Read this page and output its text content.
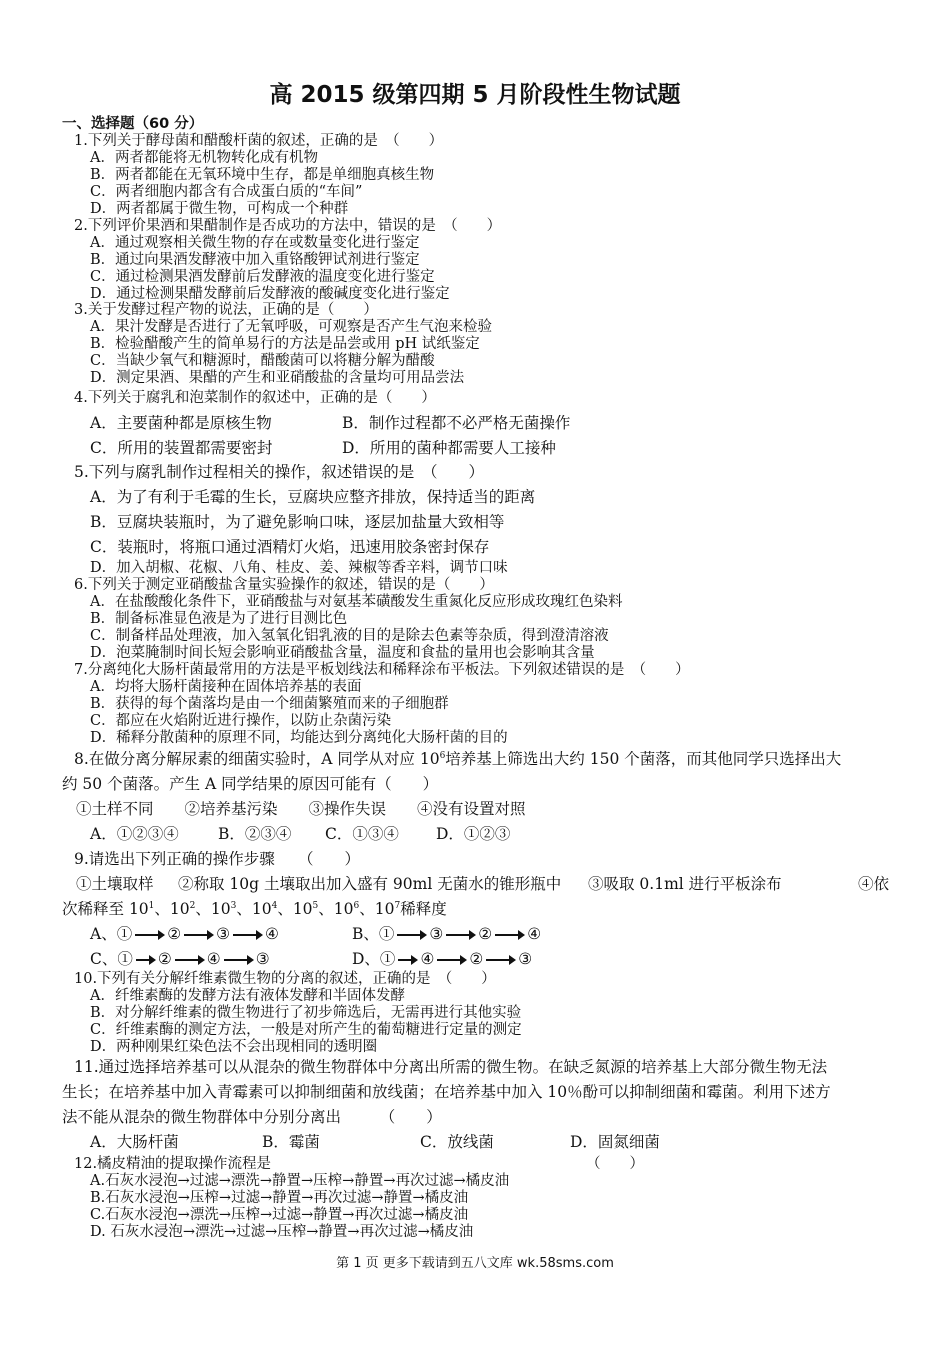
高 2015 级第四期 5 月阶段性生物试题
一、选择题（60 分）
1.下列关于酵母菌和醋酸杆菌的叙述，正确的是　（　　）
A．两者都能将无机物转化成有机物
B．两者都能在无氧环境中生存，都是单细胞真核生物
C．两者细胞内都含有合成蛋白质的“车间”
D．两者都属于微生物，可构成一个种群
2.下列评价果酒和果醋制作是否成功的方法中，错误的是　（　　）
A．通过观察相关微生物的存在或数量变化进行鉴定
B．通过向果酒发酵液中加入重铬酸钾试剂进行鉴定
C．通过检测果酒发酵前后发酵液的温度变化进行鉴定
D．通过检测果醋发酵前后发酵液的酸碱度变化进行鉴定
3.关于发酵过程产物的说法，正确的是（　　）
A．果汁发酵是否进行了无氧呼吸，可观察是否产生气泡来检验
B．检验醋酸产生的简单易行的方法是品尝或用 pH 试纸鉴定
C．当缺少氧气和糖源时，醋酸菌可以将糖分解为醋酸
D．测定果酒、果醋的产生和亚硝酸盐的含量均可用品尝法
4.下列关于腐乳和泡菜制作的叙述中，正确的是（　　）
A．主要菌种都是原核生物	B．制作过程都不必严格无菌操作
C．所用的装置都需要密封	D．所用的菌种都需要人工接种
5.下列与腐乳制作过程相关的操作，叙述错误的是　（　　）
A．为了有利于毛霉的生长，豆腐块应整齐排放，保持适当的距离
B．豆腐块装瓶时，为了避免影响口味，逐层加盐量大致相等
C．装瓶时，将瓶口通过酒精灯火焰，迅速用胶条密封保存
D．加入胡椒、花椒、八角、桂皮、姜、辣椒等香辛料，调节口味
6.下列关于测定亚硝酸盐含量实验操作的叙述，错误的是（　　）
A．在盐酸酸化条件下，亚硝酸盐与对氨基苯磺酸发生重氮化反应形成玫瑰红色染料
B．制备标准显色液是为了进行目测比色
C．制备样品处理液，加入氢氧化铝乳液的目的是除去色素等杂质，得到澄清溶液
D．泡菜腌制时间长短会影响亚硝酸盐含量，温度和食盐的量用也会影响其含量
7.分离纯化大肠杆菌最常用的方法是平板划线法和稀释涂布平板法。下列叙述错误的是　（　　）
A．均将大肠杆菌接种在固体培养基的表面
B．获得的每个菌落均是由一个细菌繁殖而来的子细胞群
C．都应在火焰附近进行操作，以防止杂菌污染
D．稀释分散菌种的原理不同，均能达到分离纯化大肠杆菌的目的
8.在做分离分解尿素的细菌实验时，A 同学从对应 $10^6$培养基上筛选出大约 150 个菌落，而其他同学只选择出大
约 50 个菌落。产生 A 同学结果的原因可能有（　　）
①土样不同　　②培养基污染　　③操作失误　　④没有设置对照
A．①②③④	B．②③④ C．①③④ D．①②③
9.请选出下列正确的操作步骤　　（　　）
①土壤取样 ②称取 10g 土壤取出加入盛有 90ml 无菌水的锥形瓶中 ③吸取 0.1ml 进行平板涂布	④依
次稀释至 $10^1$、$10^2$、$10^3$、$10^4$、$10^5$、$10^6$、$10^7$稀释度
A、① ② ③ ④	B、① ③ ② ④
C、① ② ④ ③	D、① ④ ② ③
10.下列有关分解纤维素微生物的分离的叙述，正确的是　（　　）
A．纤维素酶的发酵方法有液体发酵和半固体发酵
B．对分解纤维素的微生物进行了初步筛选后，无需再进行其他实验
C．纤维素酶的测定方法，一般是对所产生的葡萄糖进行定量的测定
D．两种刚果红染色法不会出现相同的透明圈
11.通过选择培养基可以从混杂的微生物群体中分离出所需的微生物。在缺乏氮源的培养基上大部分微生物无法
生长；在培养基中加入青霉素可以抑制细菌和放线菌；在培养基中加入 10％酚可以抑制细菌和霉菌。利用下述方
法不能从混杂的微生物群体中分别分离出　　　（　　）
A．大肠杆菌	B．霉菌	C．放线菌	D．固氮细菌
12.橘皮精油的提取操作流程是	（　　）
A.石灰水浸泡→过滤→漂洗→静置→压榨→静置→再次过滤→橘皮油
B.石灰水浸泡→压榨→过滤→静置→再次过滤→静置→橘皮油
C.石灰水浸泡→漂洗→压榨→过滤→静置→再次过滤→橘皮油
D. 石灰水浸泡→漂洗→过滤→压榨→静置→再次过滤→橘皮油
第 1 页 更多下载请到五八文库 wk.58sms.com
